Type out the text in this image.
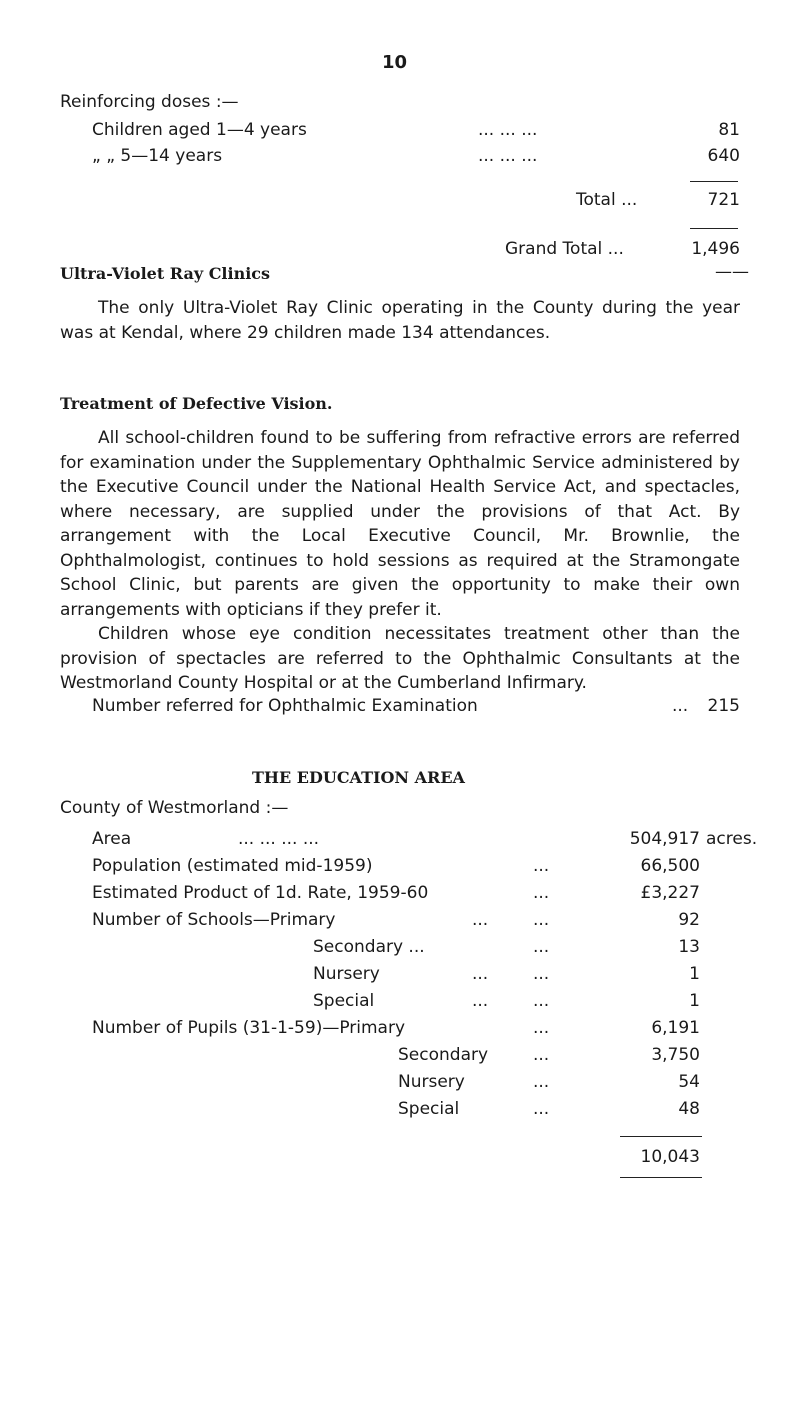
10
Reinforcing doses :—
Children aged 1—4 years	... ... ...	81
„ „ 5—14 years	... ... ...	640
Total ...	721
Grand Total ...	1,496
Ultra-Violet Ray Clinics	——
The only Ultra-Violet Ray Clinic operating in the County during the year was at Kendal, where 29 children made 134 attendances.
Treatment of Defective Vision.
All school-children found to be suffering from refractive errors are referred for examination under the Supplementary Ophthalmic Service administered by the Executive Council under the National Health Service Act, and spectacles, where necessary, are supplied under the provisions of that Act. By arrangement with the Local Executive Council, Mr. Brownlie, the Ophthalmologist, continues to hold sessions as required at the Stramongate School Clinic, but parents are given the opportunity to make their own arrangements with opticians if they prefer it.
Children whose eye condition necessitates treatment other than the provision of spectacles are referred to the Ophthalmic Consultants at the Westmorland County Hospital or at the Cumberland Infirmary.
Number referred for Ophthalmic Examination	...	215
THE EDUCATION AREA
County of Westmorland :—
Area	... ... ... ...	504,917 acres.
Population (estimated mid-1959)	...	66,500
Estimated Product of 1d. Rate, 1959-60	...	£3,227
Number of Schools—Primary	...	...	92
Secondary ...	...	13
Nursery	...	...	1
Special	...	...	1
Number of Pupils (31-1-59)—Primary	...	6,191
Secondary	...	3,750
Nursery	...	54
Special	...	48
10,043
